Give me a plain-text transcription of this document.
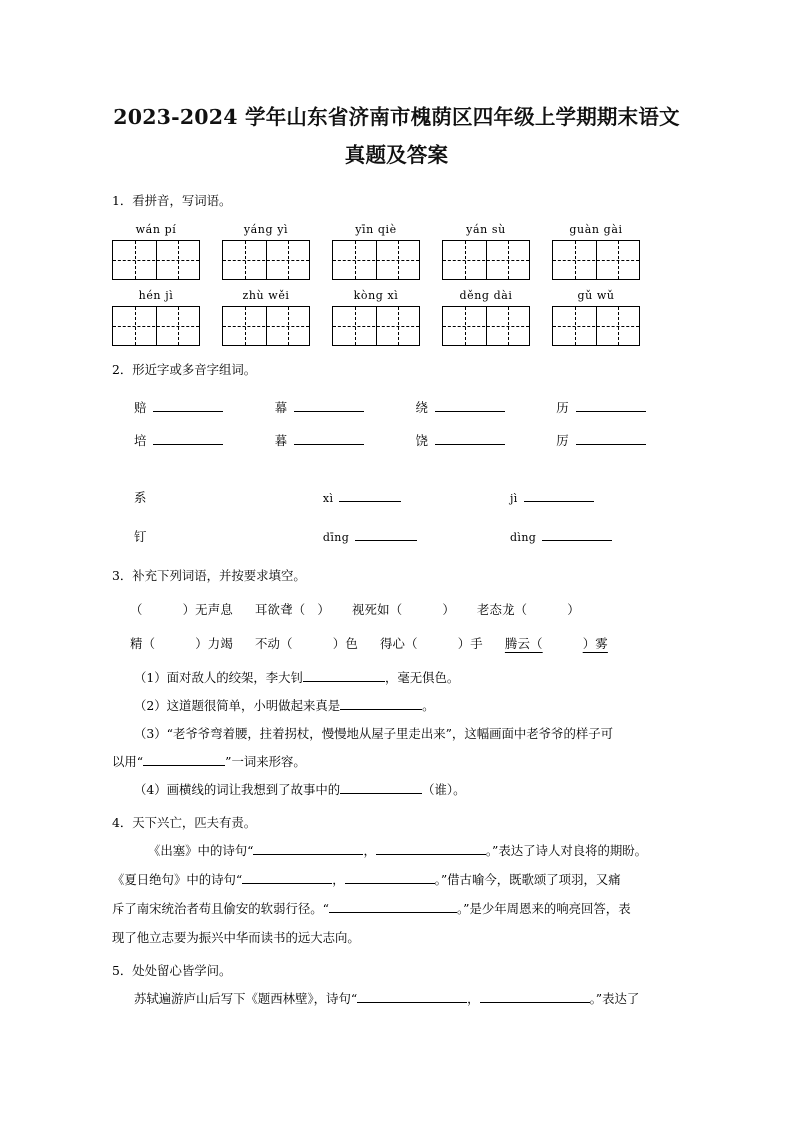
2023-2024 学年山东省济南市槐荫区四年级上学期期末语文
真题及答案

1．看拼音，写词语。

wán pí	yáng yì	yīn qiè	yán sù	guàn gài
hén jì	zhù wěi	kòng xì	děng dài	gǔ wǔ

2．形近字或多音字组词。

赔	幕	绕	历
培	暮	饶	厉
系	xì	jì
钉	dīng	dìng

3．补充下列词语，并按要求填空。

（	）无声息 耳欲聋（ ） 视死如（	） 老态龙（	）
精（	）力竭 不动（	）色 得心（	）手 腾云（	）雾

（1）面对敌人的绞架，李大钊	，毫无俱色。

（2）这道题很简单，小明做起来真是	。

（3）“老爷爷弯着腰，拄着拐杖，慢慢地从屋子里走出来”，这幅画面中老爷爷的样子可

以用“	”一词来形容。

（4）画横线的词让我想到了故事中的	（谁）。

4．天下兴亡，匹夫有责。

《出塞》中的诗句“	，	。”表达了诗人对良将的期盼。

《夏日绝句》中的诗句“	，	。”借古喻今，既歌颂了项羽，又痛

斥了南宋统治者苟且偷安的软弱行径。“	。”是少年周恩来的响亮回答，表

现了他立志要为振兴中华而读书的远大志向。

5．处处留心皆学问。

苏轼遍游庐山后写下《题西林壁》，诗句“	，	。”表达了
